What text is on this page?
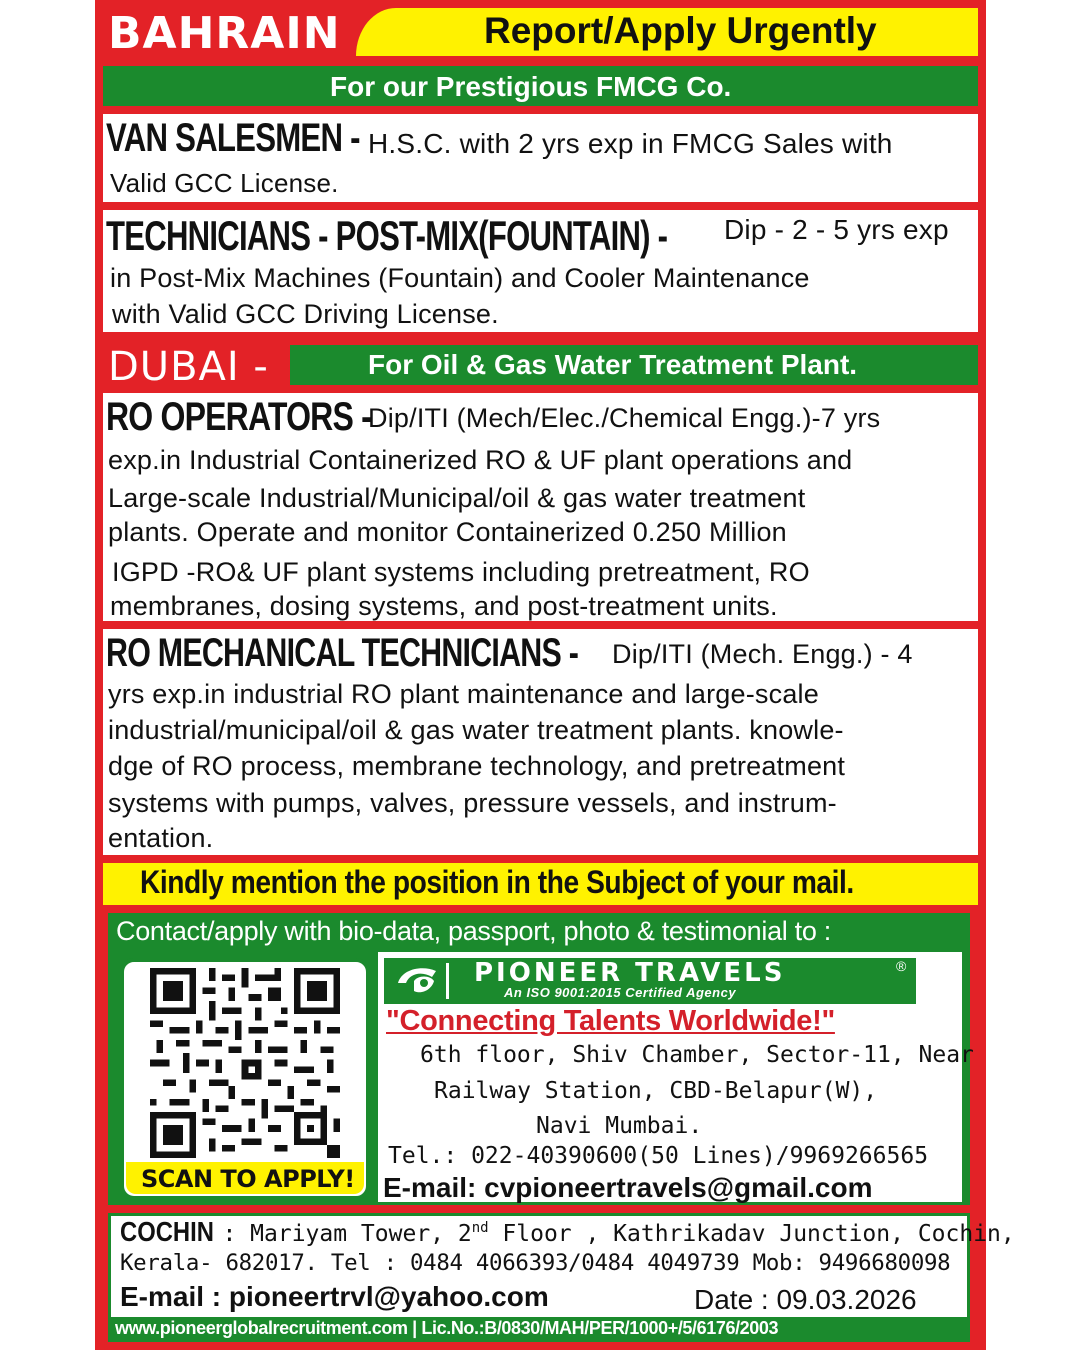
BAHRAIN	Report/Apply Urgently
For our Prestigious FMCG Co.
VAN SALESMEN - H.S.C. with 2 yrs exp in FMCG Sales with
Valid GCC License.
TECHNICIANS - POST-MIX(FOUNTAIN) -	Dip - 2 - 5 yrs exp
in Post-Mix Machines (Fountain) and Cooler Maintenance
with Valid GCC Driving License.
DUBAI -	For Oil & Gas Water Treatment Plant.
RO OPERATORS -
Dip/ITI (Mech/Elec./Chemical Engg.)-7 yrs
exp.in Industrial Containerized RO & UF plant operations and
Large-scale Industrial/Municipal/oil & gas water treatment
plants. Operate and monitor Containerized 0.250 Million
IGPD -RO& UF plant systems including pretreatment, RO
membranes, dosing systems, and post-treatment units.
RO MECHANICAL TECHNICIANS -	Dip/ITI (Mech. Engg.) - 4
yrs exp.in industrial RO plant maintenance and large-scale
industrial/municipal/oil & gas water treatment plants. knowle-
dge of RO process, membrane technology, and pretreatment
systems with pumps, valves, pressure vessels, and instrum-
entation.
Kindly mention the position in the Subject of your mail.
Contact/apply with bio-data, passport, photo & testimonial to :
SCAN TO APPLY!
PIONEER TRAVELS	®
An ISO 9001:2015 Certified Agency
"Connecting Talents Worldwide!"
6th floor, Shiv Chamber, Sector-11, Near
Railway Station, CBD-Belapur(W),
Navi Mumbai.
Tel.: 022-40390600(50 Lines)/9969266565
E-mail: cvpioneertravels@gmail.com
COCHIN : Mariyam Tower, 2nd Floor , Kathrikadav Junction, Cochin,
Kerala- 682017. Tel : 0484 4066393/0484 4049739 Mob: 9496680098
E-mail : pioneertrvl@yahoo.com	Date : 09.03.2026
www.pioneerglobalrecruitment.com | Lic.No.:B/0830/MAH/PER/1000+/5/6176/2003
